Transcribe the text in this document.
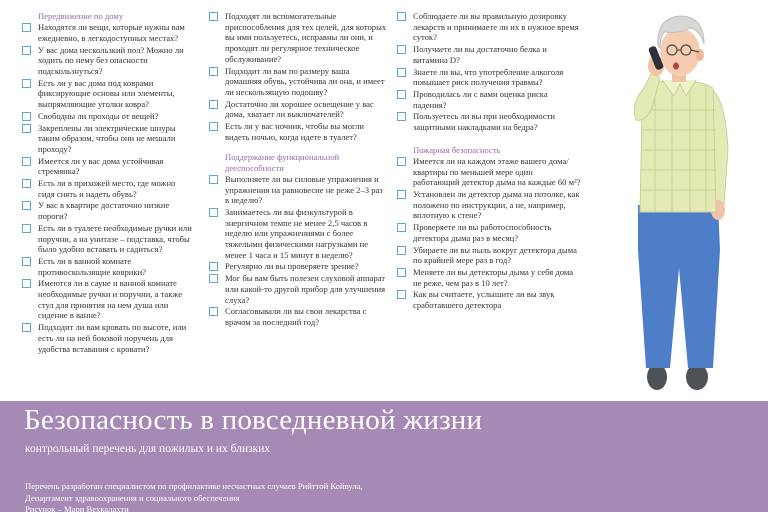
Передвижение по дому
Находятся ли вещи, которые нужны вам ежедневно, в легкодоступных местах?
У вас дома нескользкий пол? Можно ли ходить по нему без опасности подскользнуться?
Есть ли у вас дома под коврами фиксирующие основы или элементы, выпрямляющие уголки ковра?
Свободны ли проходы от вещей?
Закреплены ли электрические шнуры таким образом, чтобы они не мешали проходу?
Имеется ли у вас дома устойчивая стремянка?
Есть ли в прихожей место, где можно сидя снять и надеть обувь?
У вас в квартире достаточно низкие пороги?
Есть ли в туалете необходимые ручки или поручни, а на унитазе – подставка, чтобы было удобно вставать и садиться?
Есть ли в ванной комнате противоскользящие коврики?
Имеются ли в сауне и ванной комнате необходимые ручки и поручни, а также стул для принятия на нем душа или сидение в ванне?
Подходит ли вам кровать по высоте, или есть ли на ней боковой поручень для удобства вставания с кровати?
Подходят ли вспомогательные приспособления для тех целей, для которых вы ими пользуетесь, исправны ли они, и проходят ли регулярное техническое обслуживание?
Подходит ли вам по размеру ваша домашняя обувь, устойчива ли она, и имеет ли нескользящую подошву?
Достаточно ли хорошее освещение у вас дома, хватает ли выключателей?
Есть ли у вас ночник, чтобы вы могли видеть ночью, когда идете в туалет?
Поддержание функциональной дееспособности
Выполняете ли вы силовые упражнения и упражнения на равновесие не реже 2–3 раз в неделю?
Занимаетесь ли вы физкультурой в энергичном темпе не менее 2,5 часов в неделю или упражнениями с более тяжелыми физическими нагрузками не менее 1 часа и 15 минут в неделю?
Регулярно ли вы проверяете зрение?
Мог бы вам быть полезен слуховой аппарат или какой-то другой прибор для улучшения слуха?
Согласовывали ли вы свои лекарства с врачом за последний год?
Соблюдаете ли вы правильную дозировку лекарств и принимаете ли их в нужное время суток?
Получаете ли вы достаточно белка и витамина D?
Знаете ли вы, что употребление алкоголя повышает риск получения травмы?
Проводилась ли с вами оценка риска падения?
Пользуетесь ли вы при необходимости защитными накладками на бедра?
Пожарная безопасность
Имеется ли на каждом этаже вашего дома/квартиры по меньшей мере один работающий детектор дыма на каждые 60 м²?
Установлен ли детектор дыма на потолке, как положено по инструкции, а не, например, вплотную к стене?
Проверяете ли вы работоспособность детектора дыма раз в месяц?
Убираете ли вы пыль вокруг детектора дыма по крайней мере раз в год?
Меняете ли вы детекторы дыма у себя дома не реже, чем раз в 10 лет?
Как вы считаете, услышите ли вы звук сработавшего детектора
Безопасность в повседневной жизни
контрольный перечень для пожилых и их близких
Перечень разработан специалистом по профилактике несчастных случаев Рийттой Койвула,
Департамент здравоохранения и социального обеспечения
Рисунок – Мари Вехкалахти
